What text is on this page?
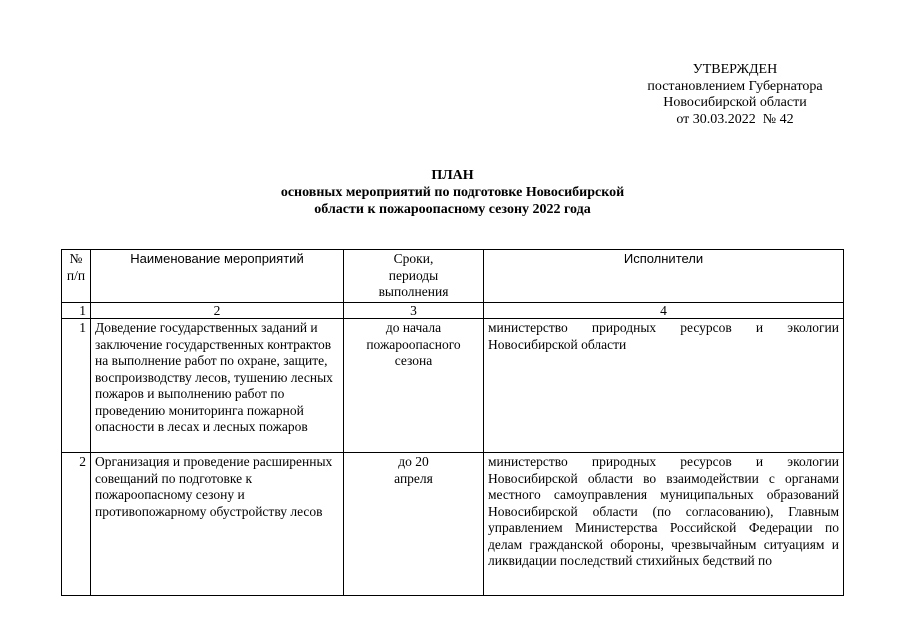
УТВЕРЖДЕН
постановлением Губернатора
Новосибирской области
от 30.03.2022  № 42
ПЛАН
основных мероприятий по подготовке Новосибирской
области к пожароопасному сезону 2022 года
№ п/п	Наименование мероприятий	Сроки, периоды выполнения	Исполнители
1	2	3	4
1	Доведение государственных заданий и заключение государственных контрактов на выполнение работ по охране, защите, воспроизводству лесов, тушению лесных пожаров и выполнению работ по проведению мониторинга пожарной опасности в лесах и лесных пожаров	до начала пожароопасного сезона	министерство природных ресурсов и экологии Новосибирской области
2	Организация и проведение расширенных совещаний по подготовке к пожароопасному сезону и противопожарному обустройству лесов	до 20 апреля	министерство природных ресурсов и экологии Новосибирской области во взаимодействии с органами местного самоуправления муниципальных образований Новосибирской области (по согласованию), Главным управлением Министерства Российской Федерации по делам гражданской обороны, чрезвычайным ситуациям и ликвидации последствий стихийных бедствий по
